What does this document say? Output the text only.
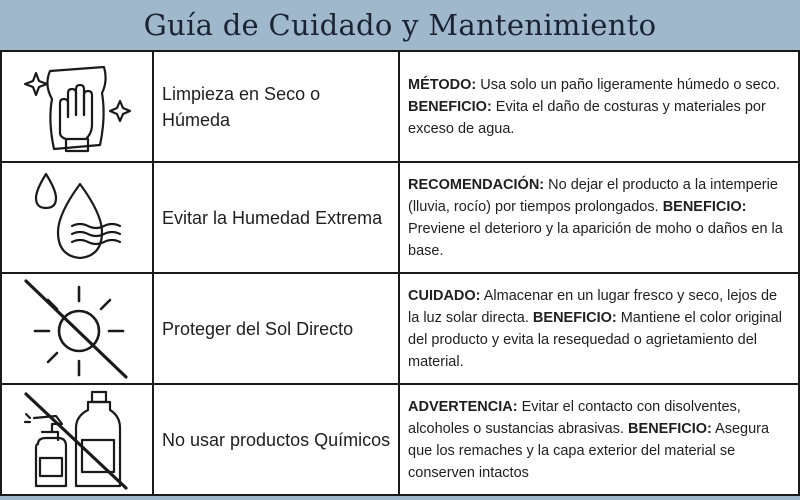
Guía de Cuidado y Mantenimiento
	Limpieza en Seco o Húmeda	MÉTODO: Usa solo un paño ligeramente húmedo o seco. BENEFICIO: Evita el daño de costuras y materiales por exceso de agua.

	Evitar la Humedad Extrema	RECOMENDACIÓN: No dejar el producto a la intemperie (lluvia, rocío) por tiempos prolongados. BENEFICIO: Previene el deterioro y la aparición de moho o daños en la base.

	Proteger del Sol Directo	CUIDADO: Almacenar en un lugar fresco y seco, lejos de la luz solar directa. BENEFICIO: Mantiene el color original del producto y evita la resequedad o agrietamiento del material.

	No usar productos Químicos	ADVERTENCIA: Evitar el contacto con disolventes, alcoholes o sustancias abrasivas. BENEFICIO: Asegura que los remaches y la capa exterior del material se conserven intactos
